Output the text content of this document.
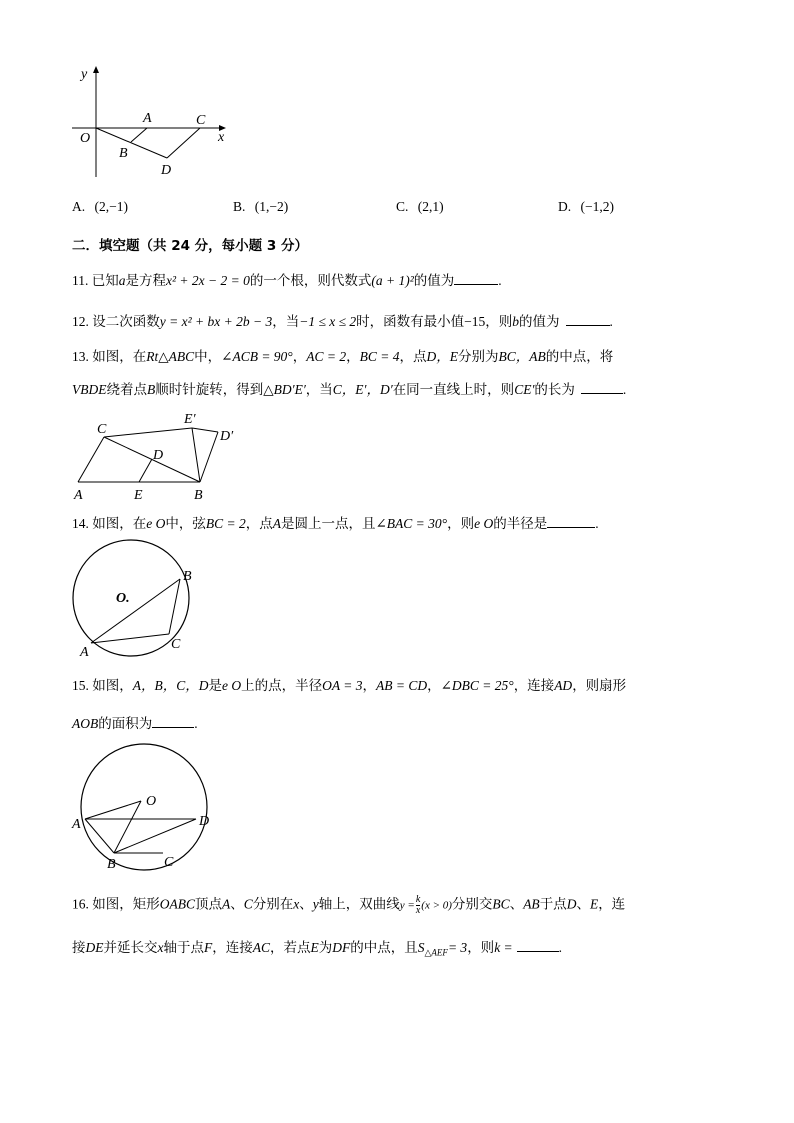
y
O
A	C
x
B
D
A. (2,−1)	B. (1,−2)	C. (2,1)	D. (−1,2)
二．填空题（共 24 分，每小题 3 分）
11. 已知a是方程x² + 2x − 2 = 0的一个根，则代数式(a + 1)²的值为	.
12. 设二次函数y = x² + bx + 2b − 3，当−1 ≤ x ≤ 2时，函数有最小值−15，则b的值为	.
13. 如图，在Rt△ABC中，∠ACB = 90°，AC = 2，BC = 4，点D，E分别为BC，AB的中点，将
VBDE绕着点B顺时针旋转，得到△BD′E′，当C，E′，D′在同一直线上时，则CE′的长为	.
C
E′
D′
D
A	E	B
14. 如图，在e O中，弦BC = 2，点A是圆上一点，且∠BAC = 30°，则e O的半径是	.
O.
B
C
A
15. 如图，A，B，C，D是e O上的点，半径OA = 3，AB = CD，∠DBC = 25°，连接AD，则扇形
AOB的面积为	.
O
A	D
B	C
16. 如图，矩形OABC顶点A、C分别在x、y轴上，双曲线$y = \frac{k}{x} (x > 0)$分别交BC、AB于点D、E，连
接DE并延长交x轴于点F，连接AC，若点E为DF的中点，且$S_{\triangle AEF}= 3$，则k =	.
